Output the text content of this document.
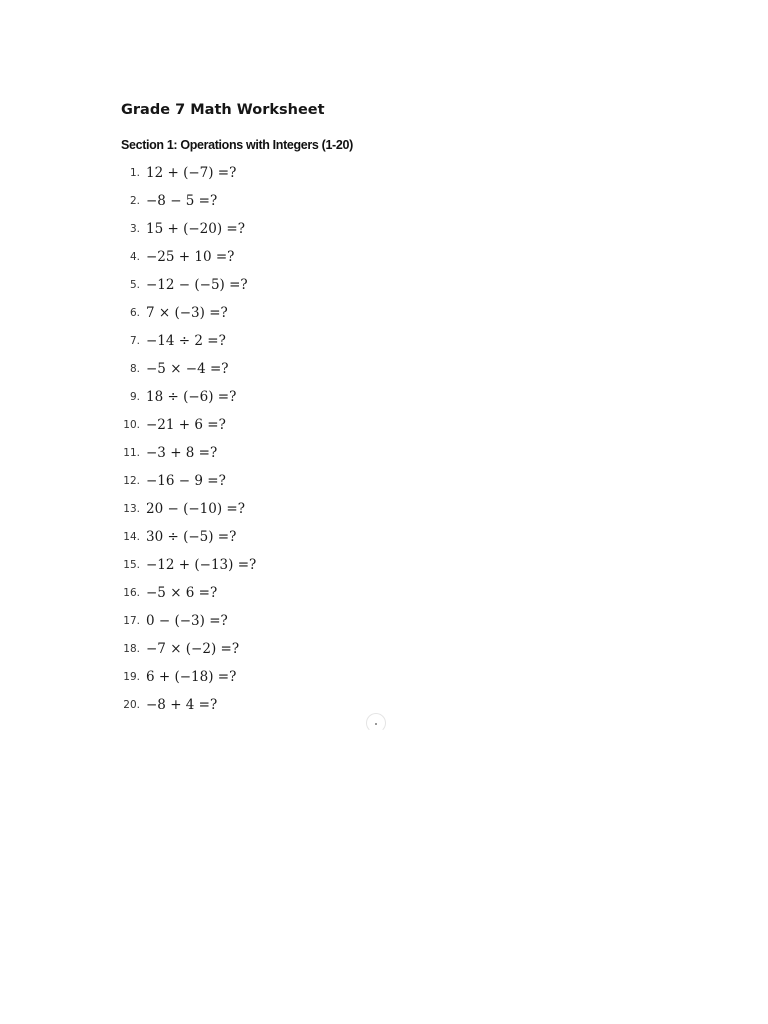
Grade 7 Math Worksheet
Section 1: Operations with Integers (1-20)
1. 12 + (−7) =?
2. −8 − 5 =?
3. 15 + (−20) =?
4. −25 + 10 =?
5. −12 − (−5) =?
6. 7 × (−3) =?
7. −14 ÷ 2 =?
8. −5 × −4 =?
9. 18 ÷ (−6) =?
10. −21 + 6 =?
11. −3 + 8 =?
12. −16 − 9 =?
13. 20 − (−10) =?
14. 30 ÷ (−5) =?
15. −12 + (−13) =?
16. −5 × 6 =?
17. 0 − (−3) =?
18. −7 × (−2) =?
19. 6 + (−18) =?
20. −8 + 4 =?
